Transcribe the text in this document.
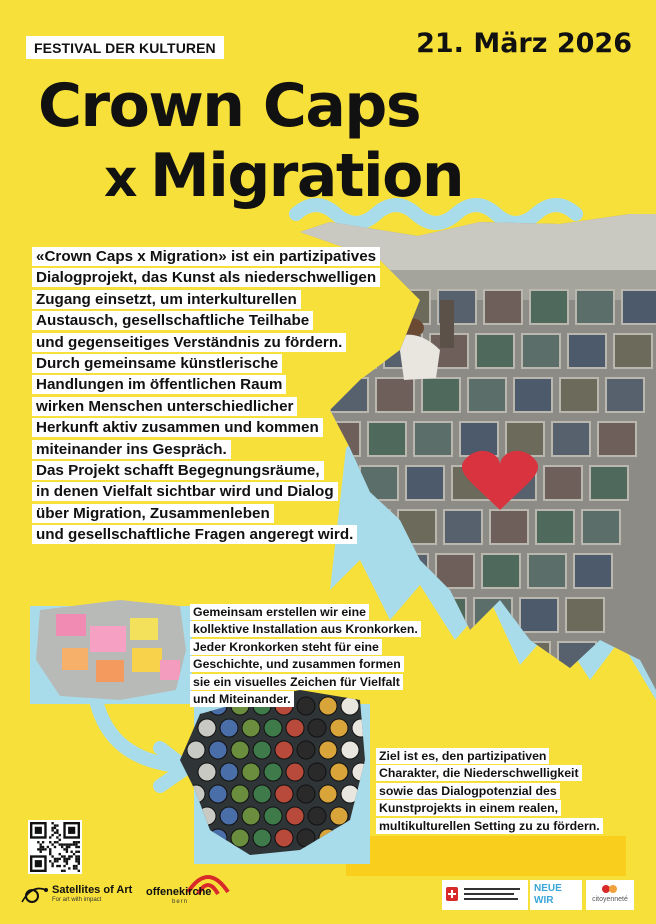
FESTIVAL DER KULTUREN	21. März 2026
Crown Caps
x Migration
«Crown Caps x Migration» ist ein partizipatives
Dialogprojekt, das Kunst als niederschwelligen
Zugang einsetzt, um interkulturellen
Austausch, gesellschaftliche Teilhabe
und gegenseitiges Verständnis zu fördern.
Durch gemeinsame künstlerische
Handlungen im öffentlichen Raum
wirken Menschen unterschiedlicher
Herkunft aktiv zusammen und kommen
miteinander ins Gespräch.
Das Projekt schafft Begegnungsräume,
in denen Vielfalt sichtbar wird und Dialog
über Migration, Zusammenleben
und gesellschaftliche Fragen angeregt wird.

Gemeinsam erstellen wir eine
kollektive Installation aus Kronkorken.
Jeder Kronkorken steht für eine
Geschichte, und zusammen formen
sie ein visuelles Zeichen für Vielfalt
und Miteinander.

Ziel ist es, den partizipativen
Charakter, die Niederschwelligkeit
sowie das Dialogpotenzial des
Kunstprojekts in einem realen,
multikulturellen Setting zu zu fördern.

Satellites of Art
For art with impact
offenekirche
bern
NEUE WIR	citoyenneté
